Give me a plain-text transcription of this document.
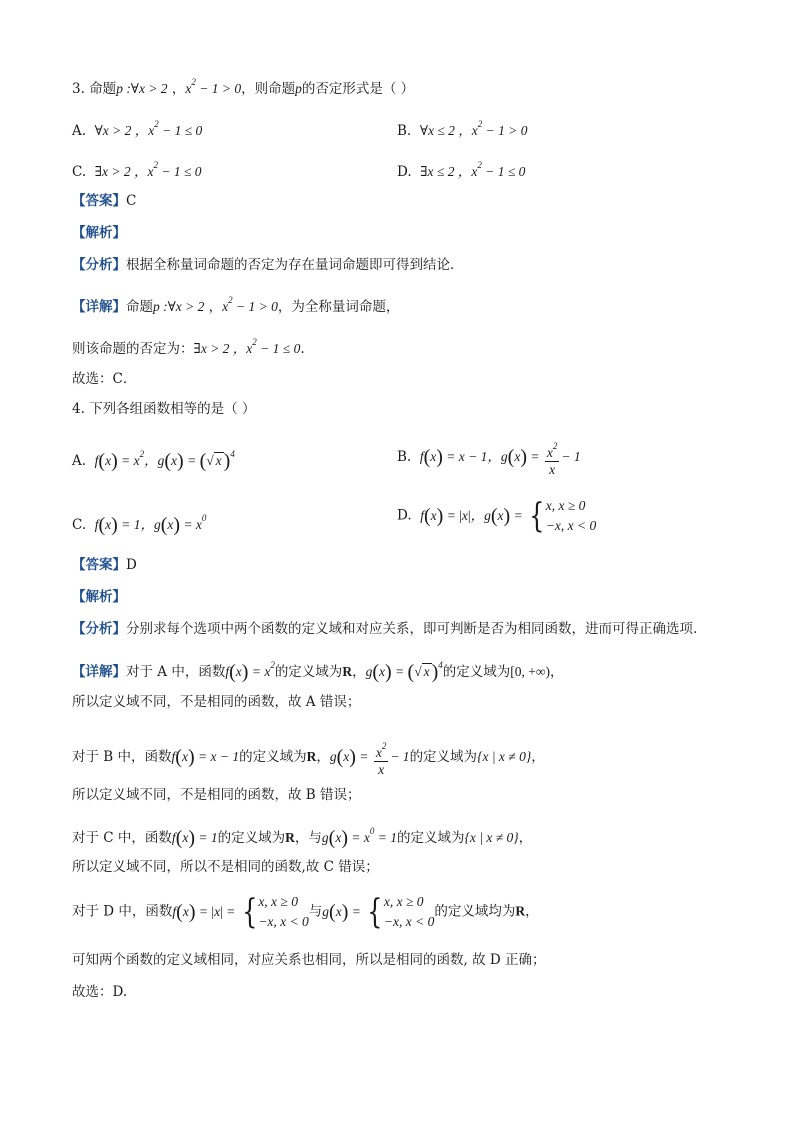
3. 命题p :∀x > 2 ，$x^2 - 1 > 0$，则命题p的否定形式是（ ）
A. ∀x > 2 ，$x^2 - 1 \le 0$	B. ∀x ≤ 2 ，$x^2 - 1 > 0$
C. ∃x > 2 ，$x^2 - 1 \le 0$	D. ∃x ≤ 2 ，$x^2 - 1 \le 0$
【答案】C
【解析】
【分析】根据全称量词命题的否定为存在量词命题即可得到结论．
【详解】命题p :∀x > 2 ，$x^2 - 1 > 0$，为全称量词命题，
则该命题的否定为：∃x > 2 ，$x^2 - 1 \le 0$.
故选：C．
4. 下列各组函数相等的是（ ）
A. $f(x) = x^2$，g(x) = (√ x )$^4$	B. f(x) = x − 1，$g(x) = \frac{x^2}{x} - 1$
C. f(x) = 1，$g(x) = x^0$	D. f(x) = |x|，g(x) = { x, x ≥ 0
−x, x < 0
【答案】D
【解析】
【分析】分别求每个选项中两个函数的定义域和对应关系，即可判断是否为相同函数，进而可得正确选项.
【详解】对于 A 中，函数$f(x) = x^2$的定义域为R，g(x) = (√ x )$^4$的定义域为[0, +∞)，
所以定义域不同，不是相同的函数，故 A 错误；
对于 B 中，函数f(x) = x − 1的定义域为R，$g(x) = \frac{x^2}{x} - 1$的定义域为{x | x ≠ 0}，
所以定义域不同，不是相同的函数，故 B 错误；
对于 C 中，函数f(x) = 1的定义域为R，与$g(x) = x^0 = 1$的定义域为{x | x ≠ 0}，
所以定义域不同，所以不是相同的函数,故 C 错误；
对于 D 中，函数f(x) = |x| = { x, x ≥ 0
−x, x < 0
与g(x) = { x, x ≥ 0
−x, x < 0
的定义域均为R，
可知两个函数的定义域相同，对应关系也相同，所以是相同的函数, 故 D 正确；
故选：D.
